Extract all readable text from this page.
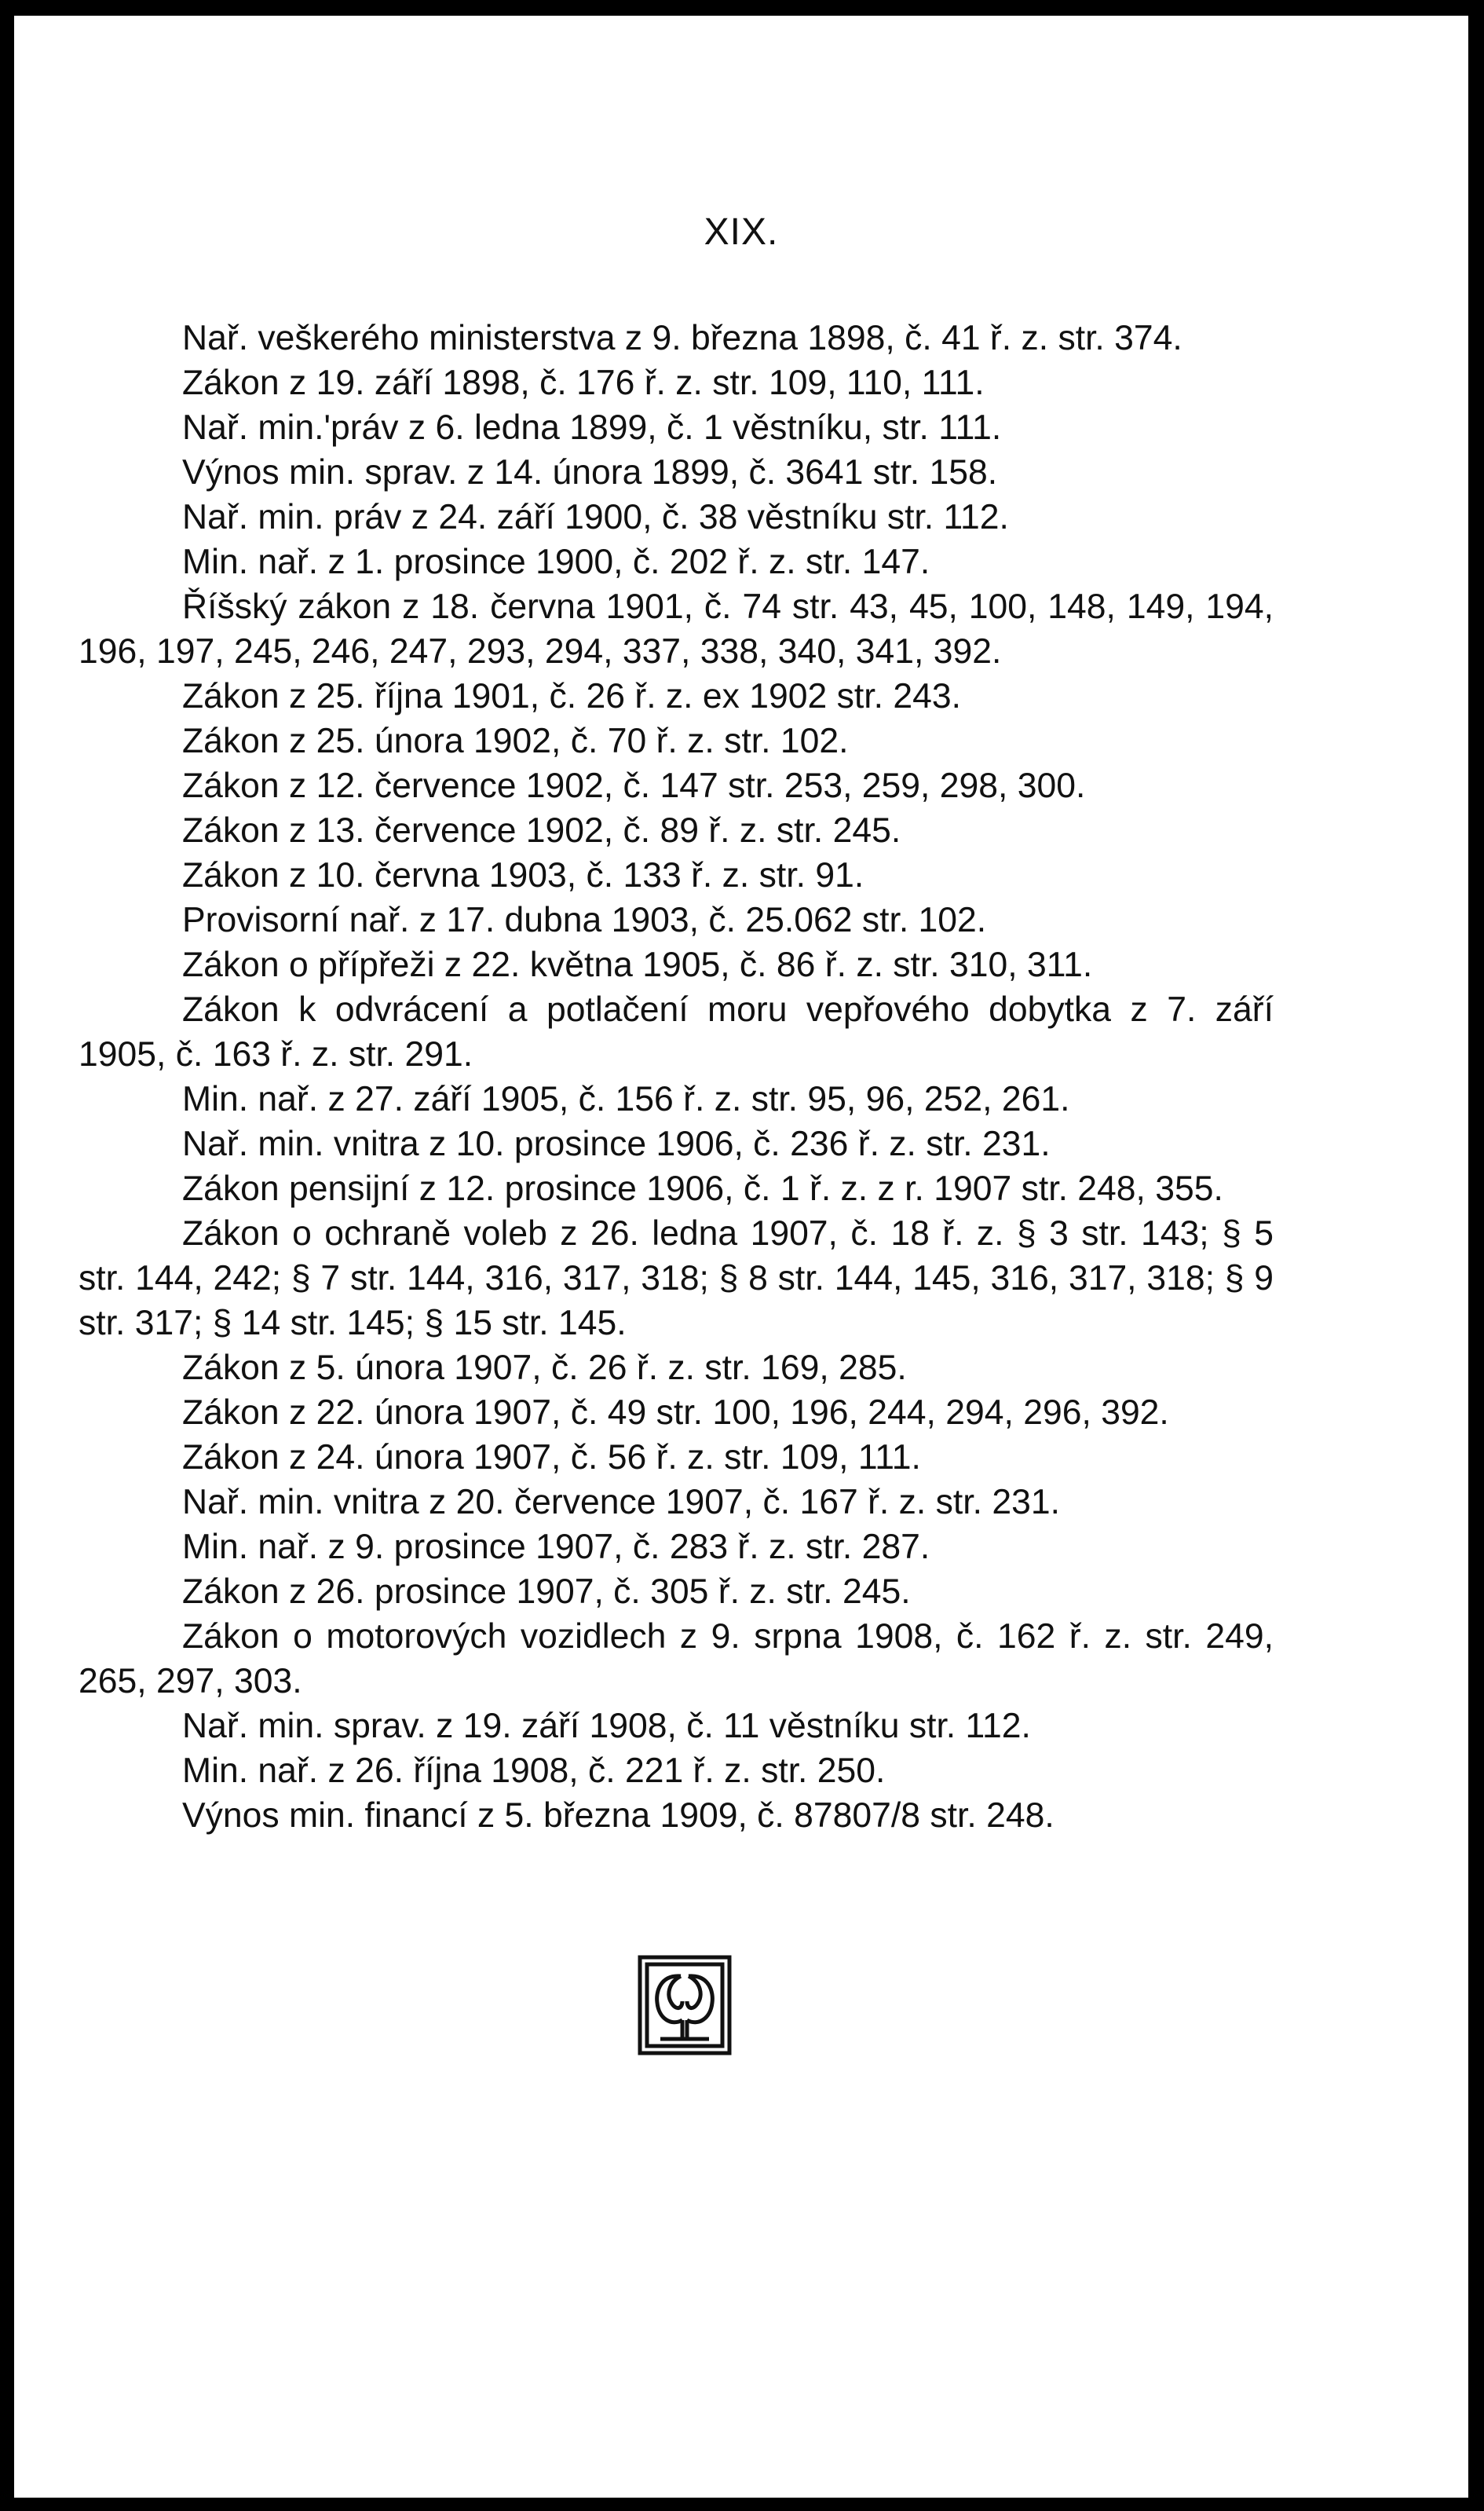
XIX.

Nař. veškerého ministerstva z 9. března 1898, č. 41 ř. z. str. 374.

Zákon z 19. září 1898, č. 176 ř. z. str. 109, 110, 111.

Nař. min.'práv z 6. ledna 1899, č. 1 věstníku, str. 111.

Výnos min. sprav. z 14. února 1899, č. 3641 str. 158.

Nař. min. práv z 24. září 1900, č. 38 věstníku str. 112.

Min. nař. z 1. prosince 1900, č. 202 ř. z. str. 147.

Říšský zákon z 18. června 1901, č. 74 str. 43, 45, 100, 148, 149, 194, 196, 197, 245, 246, 247, 293, 294, 337, 338, 340, 341, 392.

Zákon z 25. října 1901, č. 26 ř. z. ex 1902 str. 243.

Zákon z 25. února 1902, č. 70 ř. z. str. 102.

Zákon z 12. července 1902, č. 147 str. 253, 259, 298, 300.

Zákon z 13. července 1902, č. 89 ř. z. str. 245.

Zákon z 10. června 1903, č. 133 ř. z. str. 91.

Provisorní nař. z 17. dubna 1903, č. 25.062 str. 102.

Zákon o přípřeži z 22. května 1905, č. 86 ř. z. str. 310, 311.

Zákon k odvrácení a potlačení moru vepřového dobytka z 7. září 1905, č. 163 ř. z. str. 291.

Min. nař. z 27. září 1905, č. 156 ř. z. str. 95, 96, 252, 261.

Nař. min. vnitra z 10. prosince 1906, č. 236 ř. z. str. 231.

Zákon pensijní z 12. prosince 1906, č. 1 ř. z. z r. 1907 str. 248, 355.

Zákon o ochraně voleb z 26. ledna 1907, č. 18 ř. z. § 3 str. 143; § 5 str. 144, 242; § 7 str. 144, 316, 317, 318; § 8 str. 144, 145, 316, 317, 318; § 9 str. 317; § 14 str. 145; § 15 str. 145.

Zákon z 5. února 1907, č. 26 ř. z. str. 169, 285.

Zákon z 22. února 1907, č. 49 str. 100, 196, 244, 294, 296, 392.

Zákon z 24. února 1907, č. 56 ř. z. str. 109, 111.

Nař. min. vnitra z 20. července 1907, č. 167 ř. z. str. 231.

Min. nař. z 9. prosince 1907, č. 283 ř. z. str. 287.

Zákon z 26. prosince 1907, č. 305 ř. z. str. 245.

Zákon o motorových vozidlech z 9. srpna 1908, č. 162 ř. z. str. 249, 265, 297, 303.

Nař. min. sprav. z 19. září 1908, č. 11 věstníku str. 112.

Min. nař. z 26. října 1908, č. 221 ř. z. str. 250.

Výnos min. financí z 5. března 1909, č. 87807/8 str. 248.
